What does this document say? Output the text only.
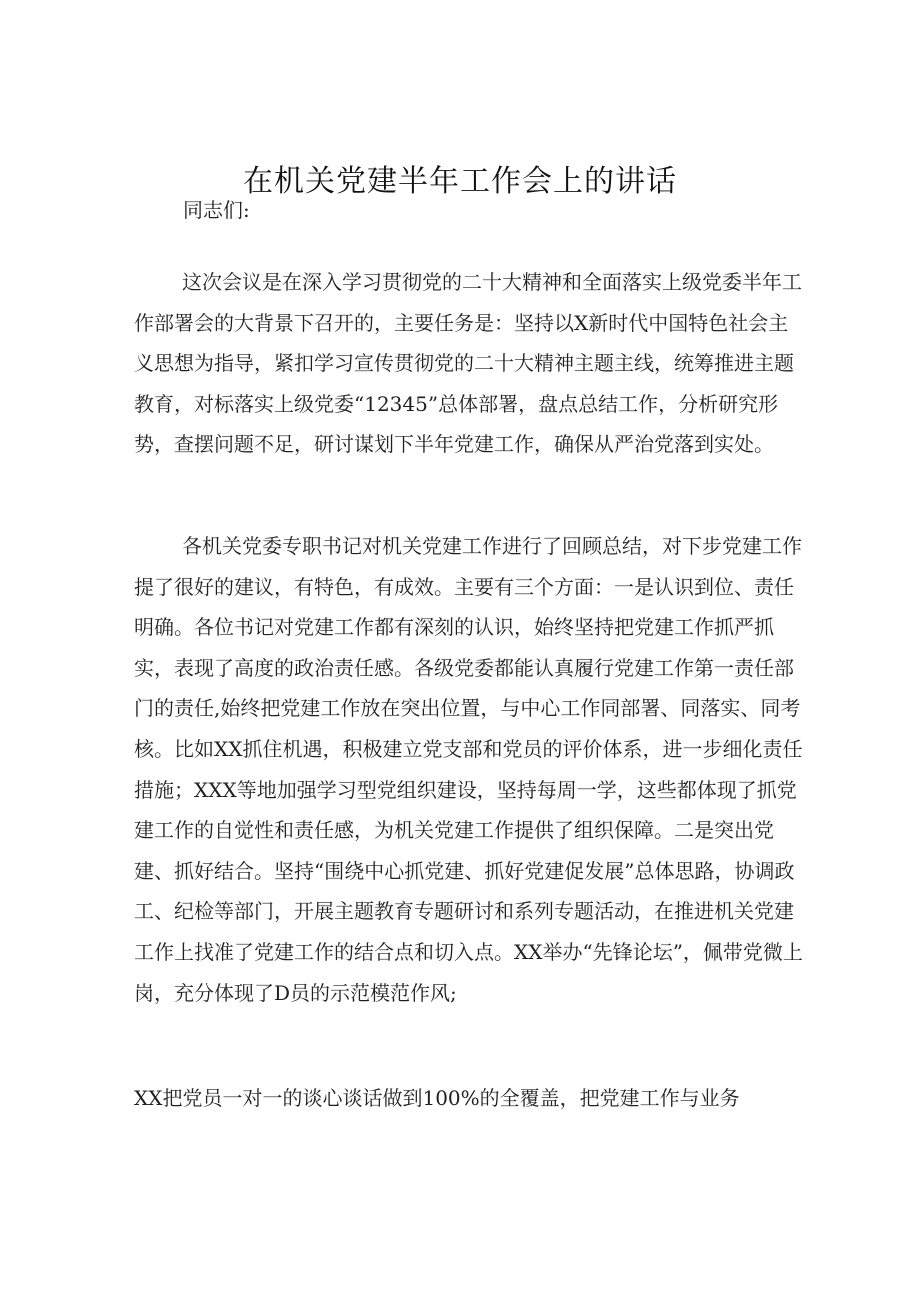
在机关党建半年工作会上的讲话

同志们:

这次会议是在深入学习贯彻党的二十大精神和全面落实上级党委半年工作部署会的大背景下召开的，主要任务是：坚持以X新时代中国特色社会主义思想为指导，紧扣学习宣传贯彻党的二十大精神主题主线，统筹推进主题教育，对标落实上级党委“12345”总体部署，盘点总结工作，分析研究形势，查摆问题不足，研讨谋划下半年党建工作，确保从严治党落到实处。

各机关党委专职书记对机关党建工作进行了回顾总结，对下步党建工作提了很好的建议，有特色，有成效。主要有三个方面：一是认识到位、责任明确。各位书记对党建工作都有深刻的认识，始终坚持把党建工作抓严抓实，表现了高度的政治责任感。各级党委都能认真履行党建工作第一责任部门的责任,始终把党建工作放在突出位置，与中心工作同部署、同落实、同考核。比如XX抓住机遇，积极建立党支部和党员的评价体系，进一步细化责任措施；XXX等地加强学习型党组织建设，坚持每周一学，这些都体现了抓党建工作的自觉性和责任感，为机关党建工作提供了组织保障。二是突出党建、抓好结合。坚持“围绕中心抓党建、抓好党建促发展”总体思路，协调政工、纪检等部门，开展主题教育专题研讨和系列专题活动，在推进机关党建工作上找准了党建工作的结合点和切入点。XX举办“先锋论坛”，佩带党微上岗，充分体现了D员的示范模范作风;

XX把党员一对一的谈心谈话做到100%的全覆盖，把党建工作与业务
